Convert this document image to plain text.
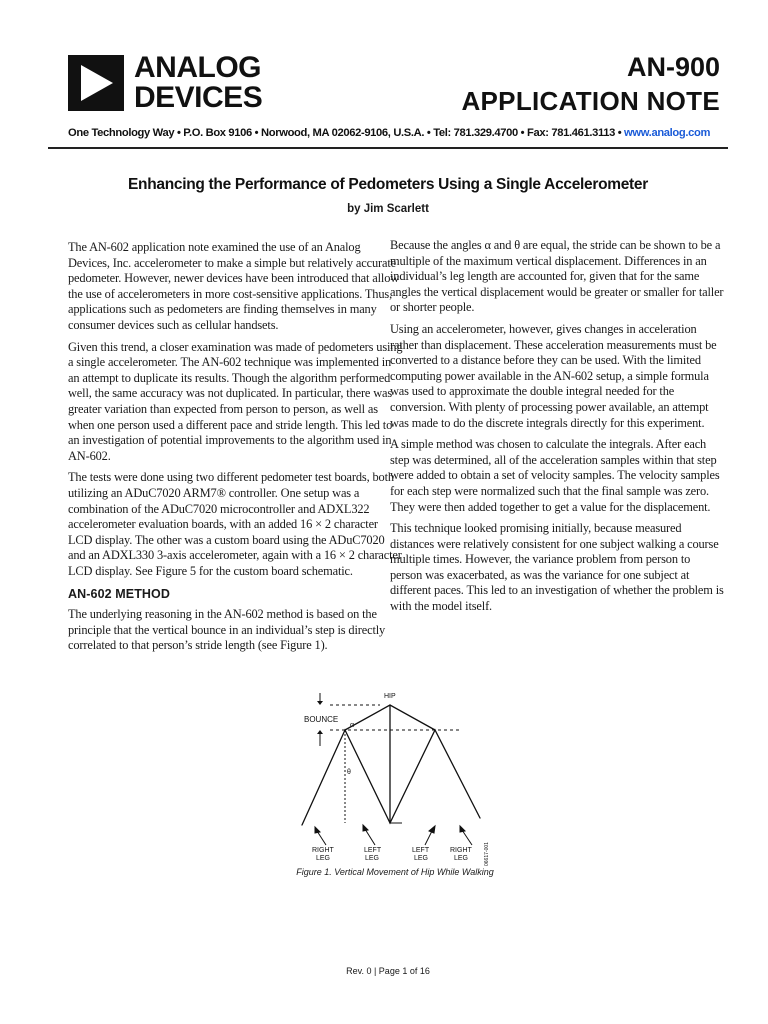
ANALOG
DEVICES
AN-900
APPLICATION NOTE
One Technology Way • P.O. Box 9106 • Norwood, MA 02062-9106, U.S.A. • Tel: 781.329.4700 • Fax: 781.461.3113 • www.analog.com
Enhancing the Performance of Pedometers Using a Single Accelerometer
by Jim Scarlett

The AN-602 application note examined the use of an Analog Devices, Inc. accelerometer to make a simple but relatively accurate pedometer. However, newer devices have been introduced that allow the use of accelerometers in more cost-sensitive applications. Thus, applications such as pedometers are finding themselves in many consumer devices such as cellular handsets.

Given this trend, a closer examination was made of pedometers using a single accelerometer. The AN-602 technique was implemented in an attempt to duplicate its results. Though the algorithm performed well, the same accuracy was not duplicated. In particular, there was greater variation than expected from person to person, as well as when one person used a different pace and stride length. This led to an investigation of potential improvements to the algorithm used in AN-602.

The tests were done using two different pedometer test boards, both utilizing an ADuC7020 ARM7® controller. One setup was a combination of the ADuC7020 microcontroller and ADXL322 accelerometer evaluation boards, with an added 16 × 2 character LCD display. The other was a custom board using the ADuC7020 and an ADXL330 3-axis accelerometer, again with a 16 × 2 character LCD display. See Figure 5 for the custom board schematic.

AN-602 METHOD

The underlying reasoning in the AN-602 method is based on the principle that the vertical bounce in an individual’s step is directly correlated to that person’s stride length (see Figure 1).

Because the angles α and θ are equal, the stride can be shown to be a multiple of the maximum vertical displacement. Differences in an individual’s leg length are accounted for, given that for the same angles the vertical displacement would be greater or smaller for taller or shorter people.

Using an accelerometer, however, gives changes in acceleration rather than displacement. These acceleration measurements must be converted to a distance before they can be used. With the limited computing power available in the AN-602 setup, a simple formula was used to approximate the double integral needed for the conversion. With plenty of processing power available, an attempt was made to do the discrete integrals directly for this experiment.

A simple method was chosen to calculate the integrals. After each step was determined, all of the acceleration samples within that step were added to obtain a set of velocity samples. The velocity samples for each step were normalized such that the final sample was zero. They were then added together to get a value for the displacement.

This technique looked promising initially, because measured distances were relatively consistent for one subject walking a course multiple times. However, the variance problem from person to person was exacerbated, as was the variance for one subject at different paces. This led to an investigation of whether the problem is with the model itself.

HIP
BOUNCE
α
θ
RIGHT
LEG
LEFT
LEG
LEFT
LEG
RIGHT
LEG	06617-001
Figure 1. Vertical Movement of Hip While Walking
Rev. 0 | Page 1 of 16
